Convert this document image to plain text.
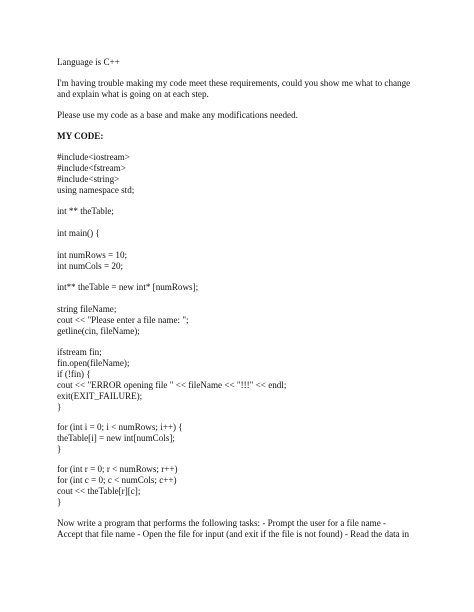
Language is C++
I'm having trouble making my code meet these requirements, could you show me what to change
and explain what is going on at each step.
Please use my code as a base and make any modifications needed.
MY CODE:
#include<iostream>
#include<fstream>
#include<string>
using namespace std;
int ** theTable;
int main() {
int numRows = 10;
int numCols = 20;
int** theTable = new int* [numRows];
string fileName;
cout << "Please enter a file name: ";
getline(cin, fileName);
ifstream fin;
fin.open(fileName);
if (!fin) {
cout << "ERROR opening file " << fileName << "!!!" << endl;
exit(EXIT_FAILURE);
}
for (int i = 0; i < numRows; i++) {
theTable[i] = new int[numCols];
}
for (int r = 0; r < numRows; r++)
for (int c = 0; c < numCols; c++)
cout << theTable[r][c];
}
Now write a program that performs the following tasks: - Prompt the user for a file name -
Accept that file name - Open the file for input (and exit if the file is not found) - Read the data in
